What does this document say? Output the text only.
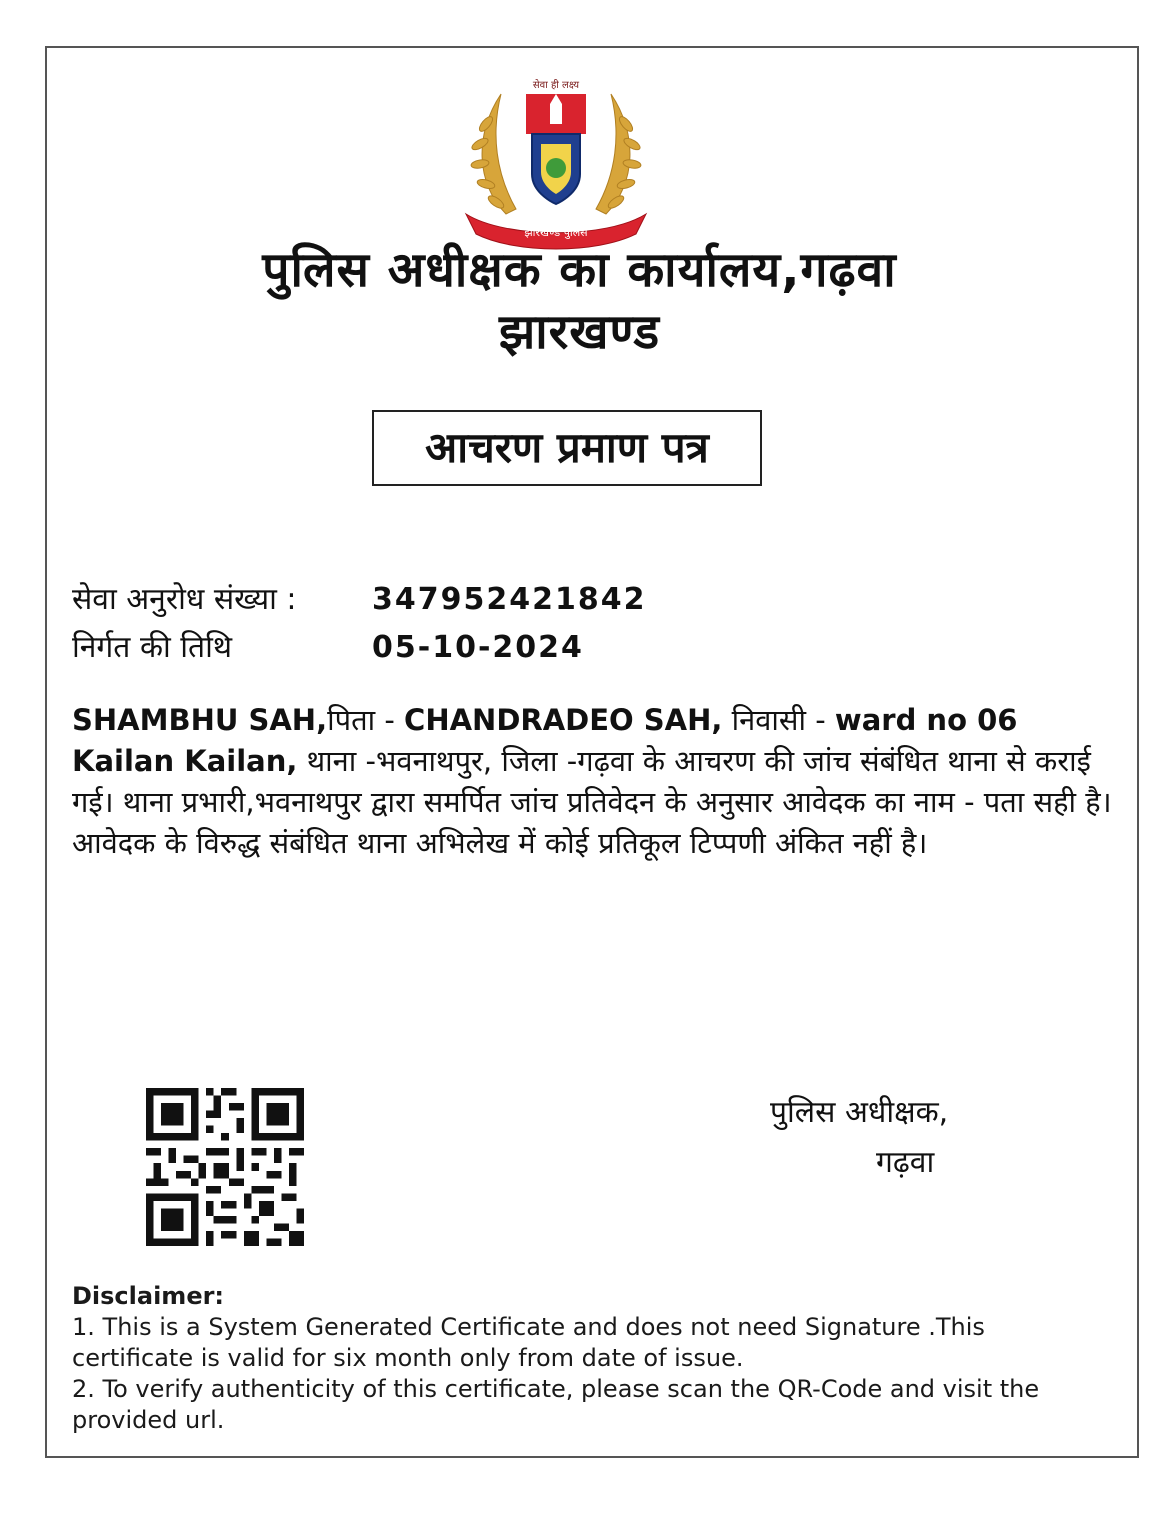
सेवा ही लक्ष्य
झारखण्ड पुलिस
पुलिस अधीक्षक का कार्यालय,गढ़वा
झारखण्ड
आचरण प्रमाण पत्र
सेवा अनुरोध संख्या :	347952421842
निर्गत की तिथि	05-10-2024
SHAMBHU SAH,पिता - CHANDRADEO SAH, निवासी - ward no 06 Kailan Kailan, थाना -भवनाथपुर, जिला -गढ़वा के आचरण की जांच संबंधित थाना से कराई गई। थाना प्रभारी,भवनाथपुर द्वारा समर्पित जांच प्रतिवेदन के अनुसार आवेदक का नाम - पता सही है। आवेदक के विरुद्ध संबंधित थाना अभिलेख में कोई प्रतिकूल टिप्पणी अंकित नहीं है।
पुलिस अधीक्षक,
गढ़वा
Disclaimer:
1. This is a System Generated Certificate and does not need Signature .This certificate is valid for six month only from date of issue.
2. To verify authenticity of this certificate, please scan the QR-Code and visit the provided url.
